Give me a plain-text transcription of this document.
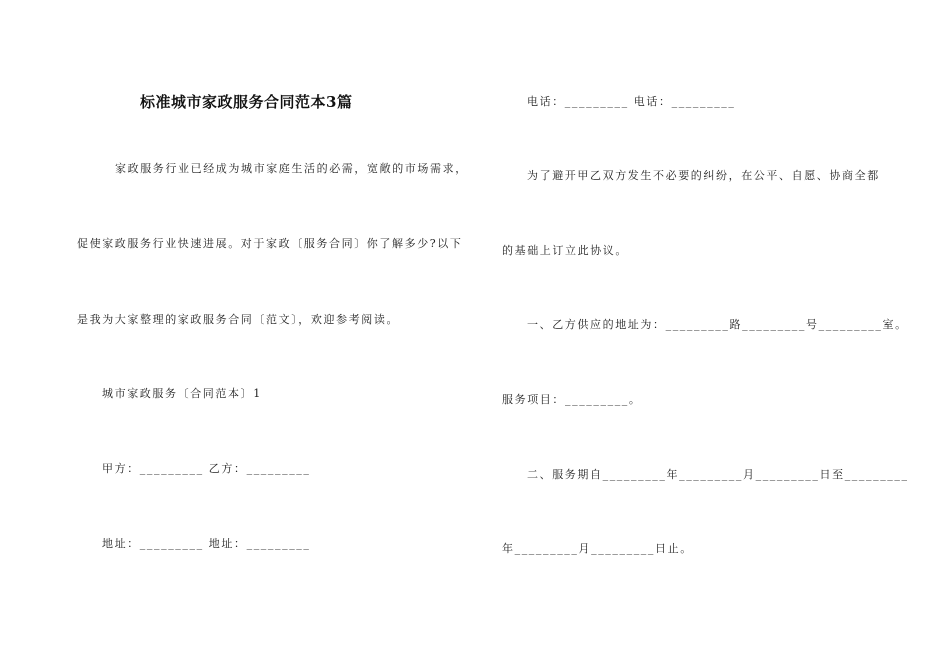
标准城市家政服务合同范本3篇
家政服务行业已经成为城市家庭生活的必需，宽敞的市场需求，
促使家政服务行业快速进展。对于家政〔服务合同〕你了解多少?以下
是我为大家整理的家政服务合同〔范文〕，欢迎参考阅读。
城市家政服务〔合同范本〕1
甲方：_________ 乙方：_________
地址：_________ 地址：_________
电话：_________ 电话：_________
为了避开甲乙双方发生不必要的纠纷，在公平、自愿、协商全都
的基础上订立此协议。
一、乙方供应的地址为：_________路_________号_________室。
服务项目：_________。
二、服务期自_________年_________月_________日至_________
年_________月_________日止。
